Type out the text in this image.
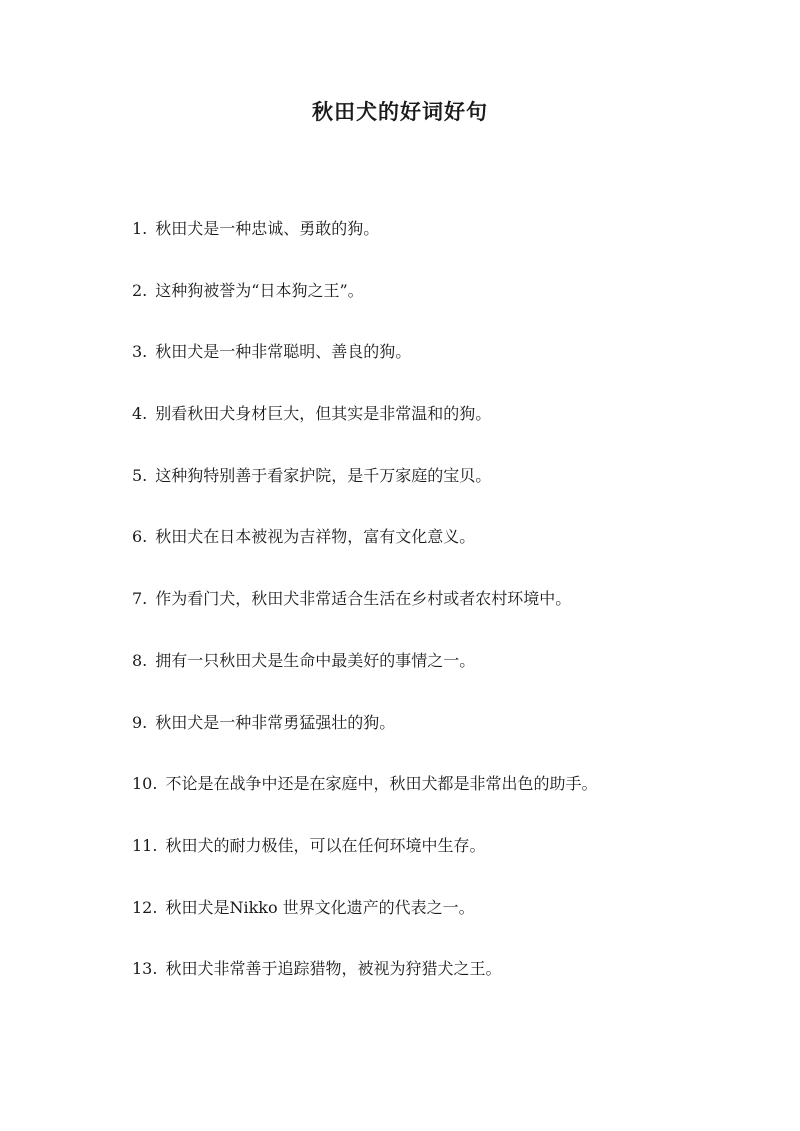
秋田犬的好词好句
1. 秋田犬是一种忠诚、勇敢的狗。
2. 这种狗被誉为“日本狗之王”。
3. 秋田犬是一种非常聪明、善良的狗。
4. 别看秋田犬身材巨大，但其实是非常温和的狗。
5. 这种狗特别善于看家护院，是千万家庭的宝贝。
6. 秋田犬在日本被视为吉祥物，富有文化意义。
7. 作为看门犬，秋田犬非常适合生活在乡村或者农村环境中。
8. 拥有一只秋田犬是生命中最美好的事情之一。
9. 秋田犬是一种非常勇猛强壮的狗。
10. 不论是在战争中还是在家庭中，秋田犬都是非常出色的助手。
11. 秋田犬的耐力极佳，可以在任何环境中生存。
12. 秋田犬是Nikko 世界文化遗产的代表之一。
13. 秋田犬非常善于追踪猎物，被视为狩猎犬之王。
